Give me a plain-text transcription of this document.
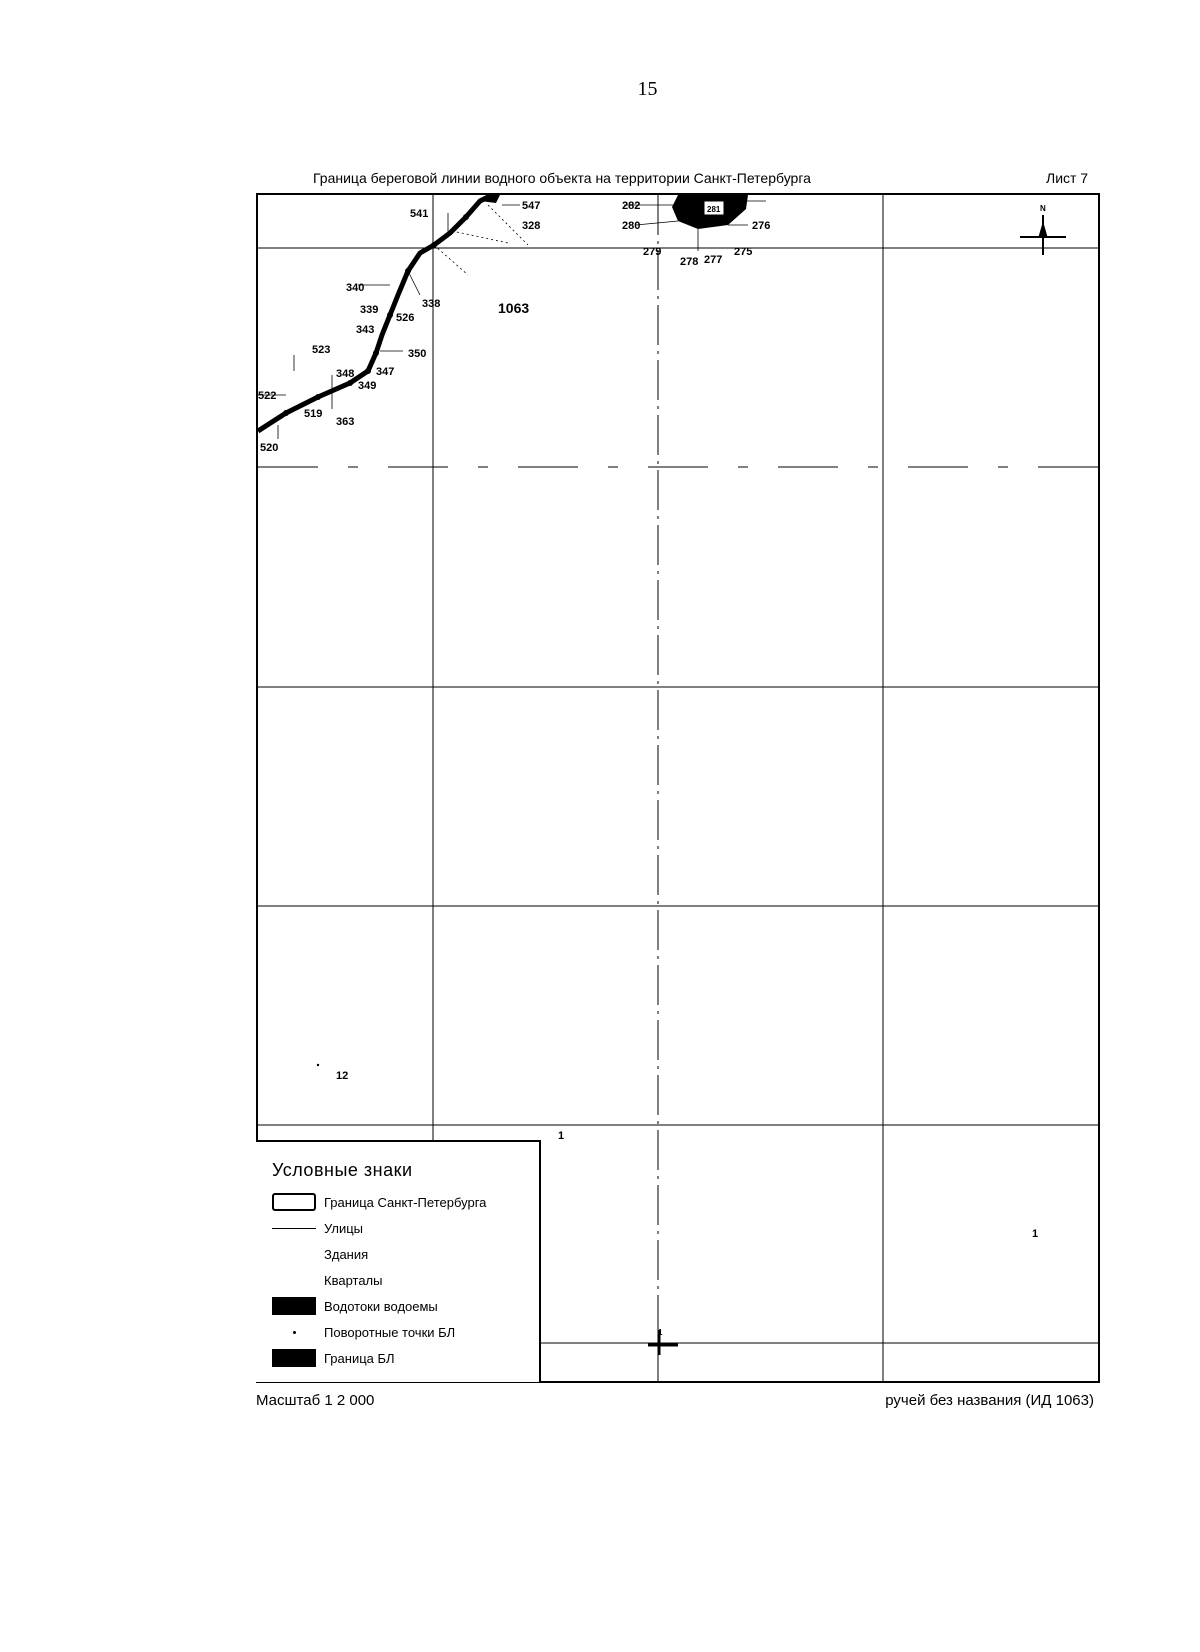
15
Граница береговой линии водного объекта на территории Санкт-Петербурга	Лист 7
547
328
541
282	281
276
280
279
278 277
275
340
339	338
526
343
350
523
348 347
349
522
519
363
520
12
1
1
1
1063
N
Условные знаки
Граница Санкт-Петербурга
Улицы
Здания
Кварталы
Водотоки водоемы
Поворотные точки БЛ
Граница БЛ
Масштаб 1 2 000	ручей без названия (ИД 1063)
